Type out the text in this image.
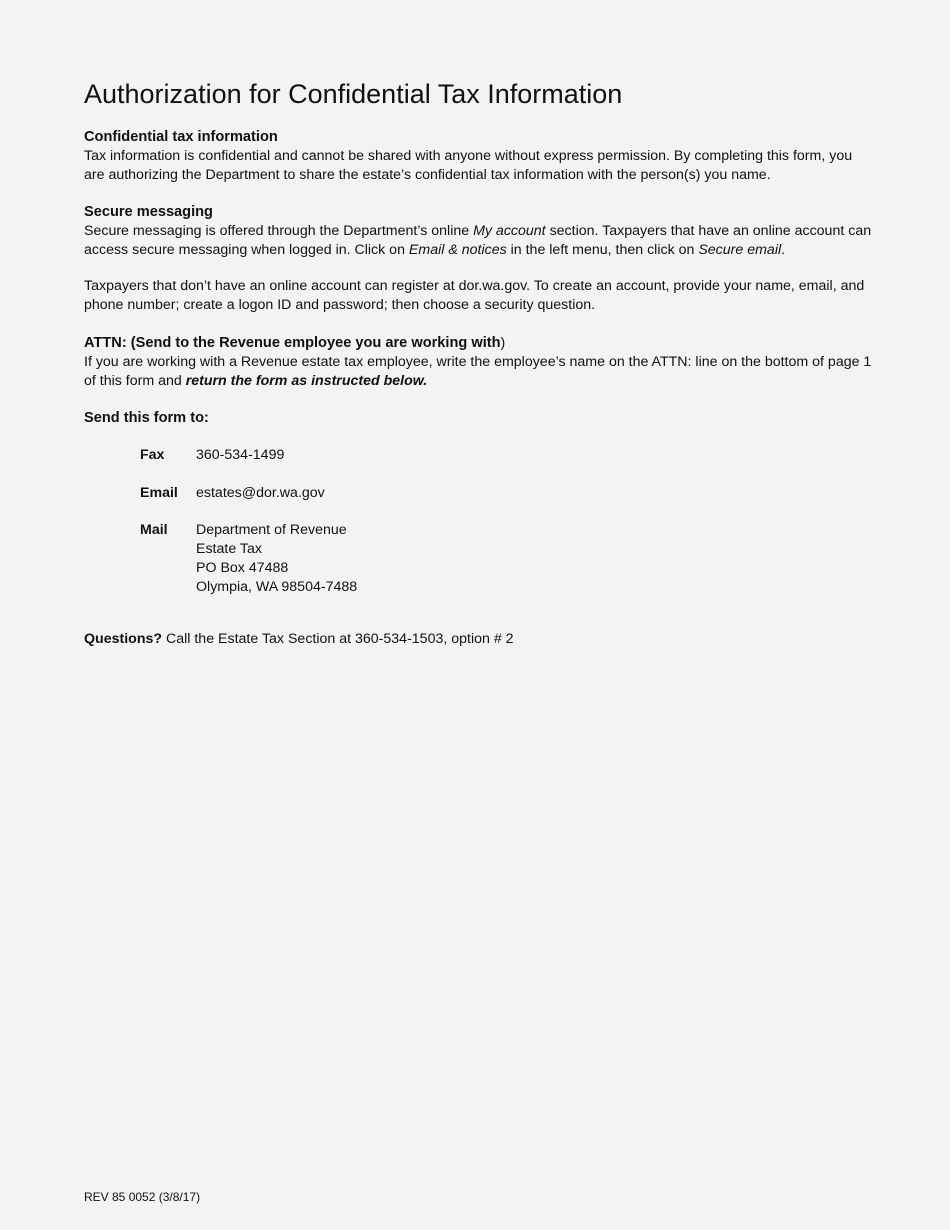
Authorization for Confidential Tax Information
Confidential tax information

Tax information is confidential and cannot be shared with anyone without express permission. By completing this form, you are authorizing the Department to share the estate’s confidential tax information with the person(s) you name.

Secure messaging

Secure messaging is offered through the Department’s online My account section. Taxpayers that have an online account can access secure messaging when logged in. Click on Email & notices in the left menu, then click on Secure email.

Taxpayers that don’t have an online account can register at dor.wa.gov. To create an account, provide your name, email, and phone number; create a logon ID and password; then choose a security question.

ATTN: (Send to the Revenue employee you are working with)

If you are working with a Revenue estate tax employee, write the employee’s name on the ATTN: line on the bottom of page 1 of this form and return the form as instructed below.

Send this form to:
Fax 360-534-1499
Email estates@dor.wa.gov
Mail Department of Revenue
Estate Tax
PO Box 47488
Olympia, WA 98504-7488
Questions? Call the Estate Tax Section at 360-534-1503, option # 2
REV 85 0052 (3/8/17)
